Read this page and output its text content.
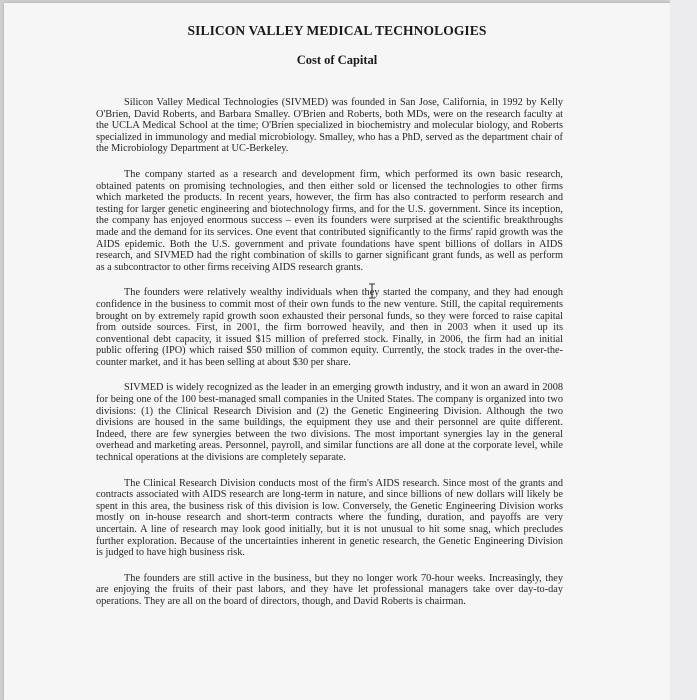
SILICON VALLEY MEDICAL TECHNOLOGIES
Cost of Capital

Silicon Valley Medical Technologies (SIVMED) was founded in San Jose, California, in 1992 by Kelly O'Brien, David Roberts, and Barbara Smalley. O'Brien and Roberts, both MDs, were on the research faculty at the UCLA Medical School at the time; O'Brien specialized in biochemistry and molecular biology, and Roberts specialized in immunology and medial microbiology. Smalley, who has a PhD, served as the department chair of the Microbiology Department at UC-Berkeley.

The company started as a research and development firm, which performed its own basic research, obtained patents on promising technologies, and then either sold or licensed the technologies to other firms which marketed the products. In recent years, however, the firm has also contracted to perform research and testing for larger genetic engineering and biotechnology firms, and for the U.S. government. Since its inception, the company has enjoyed enormous success – even its founders were surprised at the scientific breakthroughs made and the demand for its services. One event that contributed significantly to the firms' rapid growth was the AIDS epidemic. Both the U.S. government and private foundations have spent billions of dollars in AIDS research, and SIVMED had the right combination of skills to garner significant grant funds, as well as perform as a subcontractor to other firms receiving AIDS research grants.

The founders were relatively wealthy individuals when they started the company, and they had enough confidence in the business to commit most of their own funds to the new venture. Still, the capital requirements brought on by extremely rapid growth soon exhausted their personal funds, so they were forced to raise capital from outside sources. First, in 2001, the firm borrowed heavily, and then in 2003 when it used up its conventional debt capacity, it issued $15 million of preferred stock. Finally, in 2006, the firm had an initial public offering (IPO) which raised $50 million of common equity. Currently, the stock trades in the over-the-counter market, and it has been selling at about $30 per share.

SIVMED is widely recognized as the leader in an emerging growth industry, and it won an award in 2008 for being one of the 100 best-managed small companies in the United States. The company is organized into two divisions: (1) the Clinical Research Division and (2) the Genetic Engineering Division. Although the two divisions are housed in the same buildings, the equipment they use and their personnel are quite different. Indeed, there are few synergies between the two divisions. The most important synergies lay in the general overhead and marketing areas. Personnel, payroll, and similar functions are all done at the corporate level, while technical operations at the divisions are completely separate.

The Clinical Research Division conducts most of the firm's AIDS research. Since most of the grants and contracts associated with AIDS research are long-term in nature, and since billions of new dollars will likely be spent in this area, the business risk of this division is low. Conversely, the Genetic Engineering Division works mostly on in-house research and short-term contracts where the funding, duration, and payoffs are very uncertain. A line of research may look good initially, but it is not unusual to hit some snag, which precludes further exploration. Because of the uncertainties inherent in genetic research, the Genetic Engineering Division is judged to have high business risk.

The founders are still active in the business, but they no longer work 70-hour weeks. Increasingly, they are enjoying the fruits of their past labors, and they have let professional managers take over day-to-day operations. They are all on the board of directors, though, and David Roberts is chairman.
